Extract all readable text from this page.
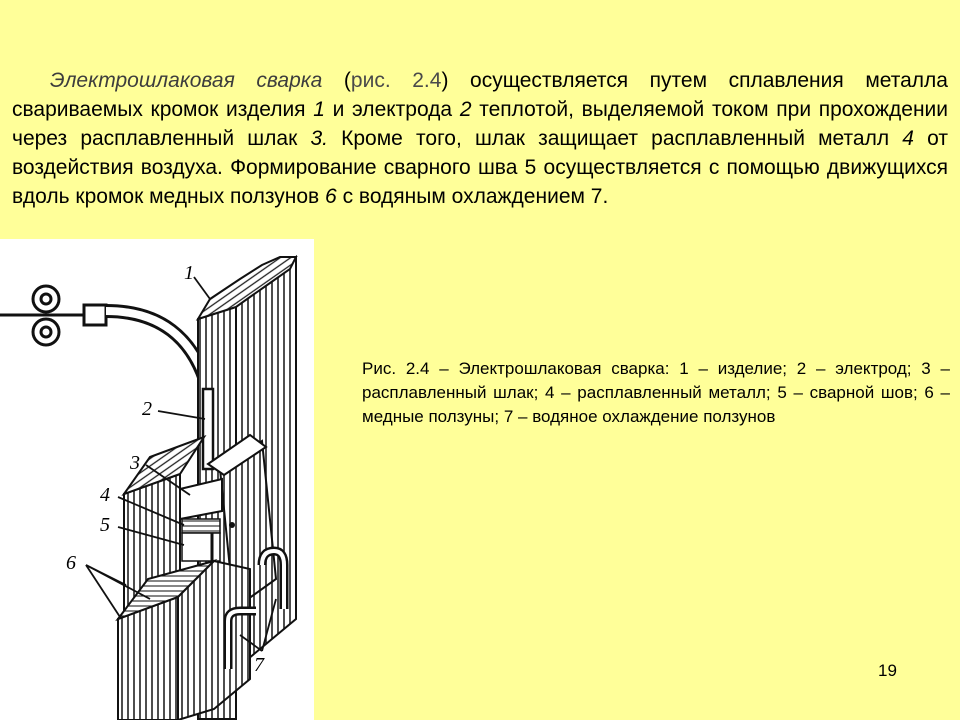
Электрошлаковая сварка (рис. 2.4) осуществляется путем сплавления металла свариваемых кромок изделия 1 и электрода 2 теплотой, выделяемой током при прохождении через расплавленный шлак 3. Кроме того, шлак защищает расплавленный металл 4 от воздействия воздуха. Формирование сварного шва 5 осуществляется с помощью движущихся вдоль кромок медных ползунов 6 с водяным охлаждением 7.

1
2
3
4
5
6
7

Рис. 2.4 – Электрошлаковая сварка: 1 – изделие; 2 – электрод; 3 – расплавленный шлак; 4 – расплавленный металл; 5 – сварной шов; 6 – медные ползуны; 7 – водяное охлаждение ползунов

19
